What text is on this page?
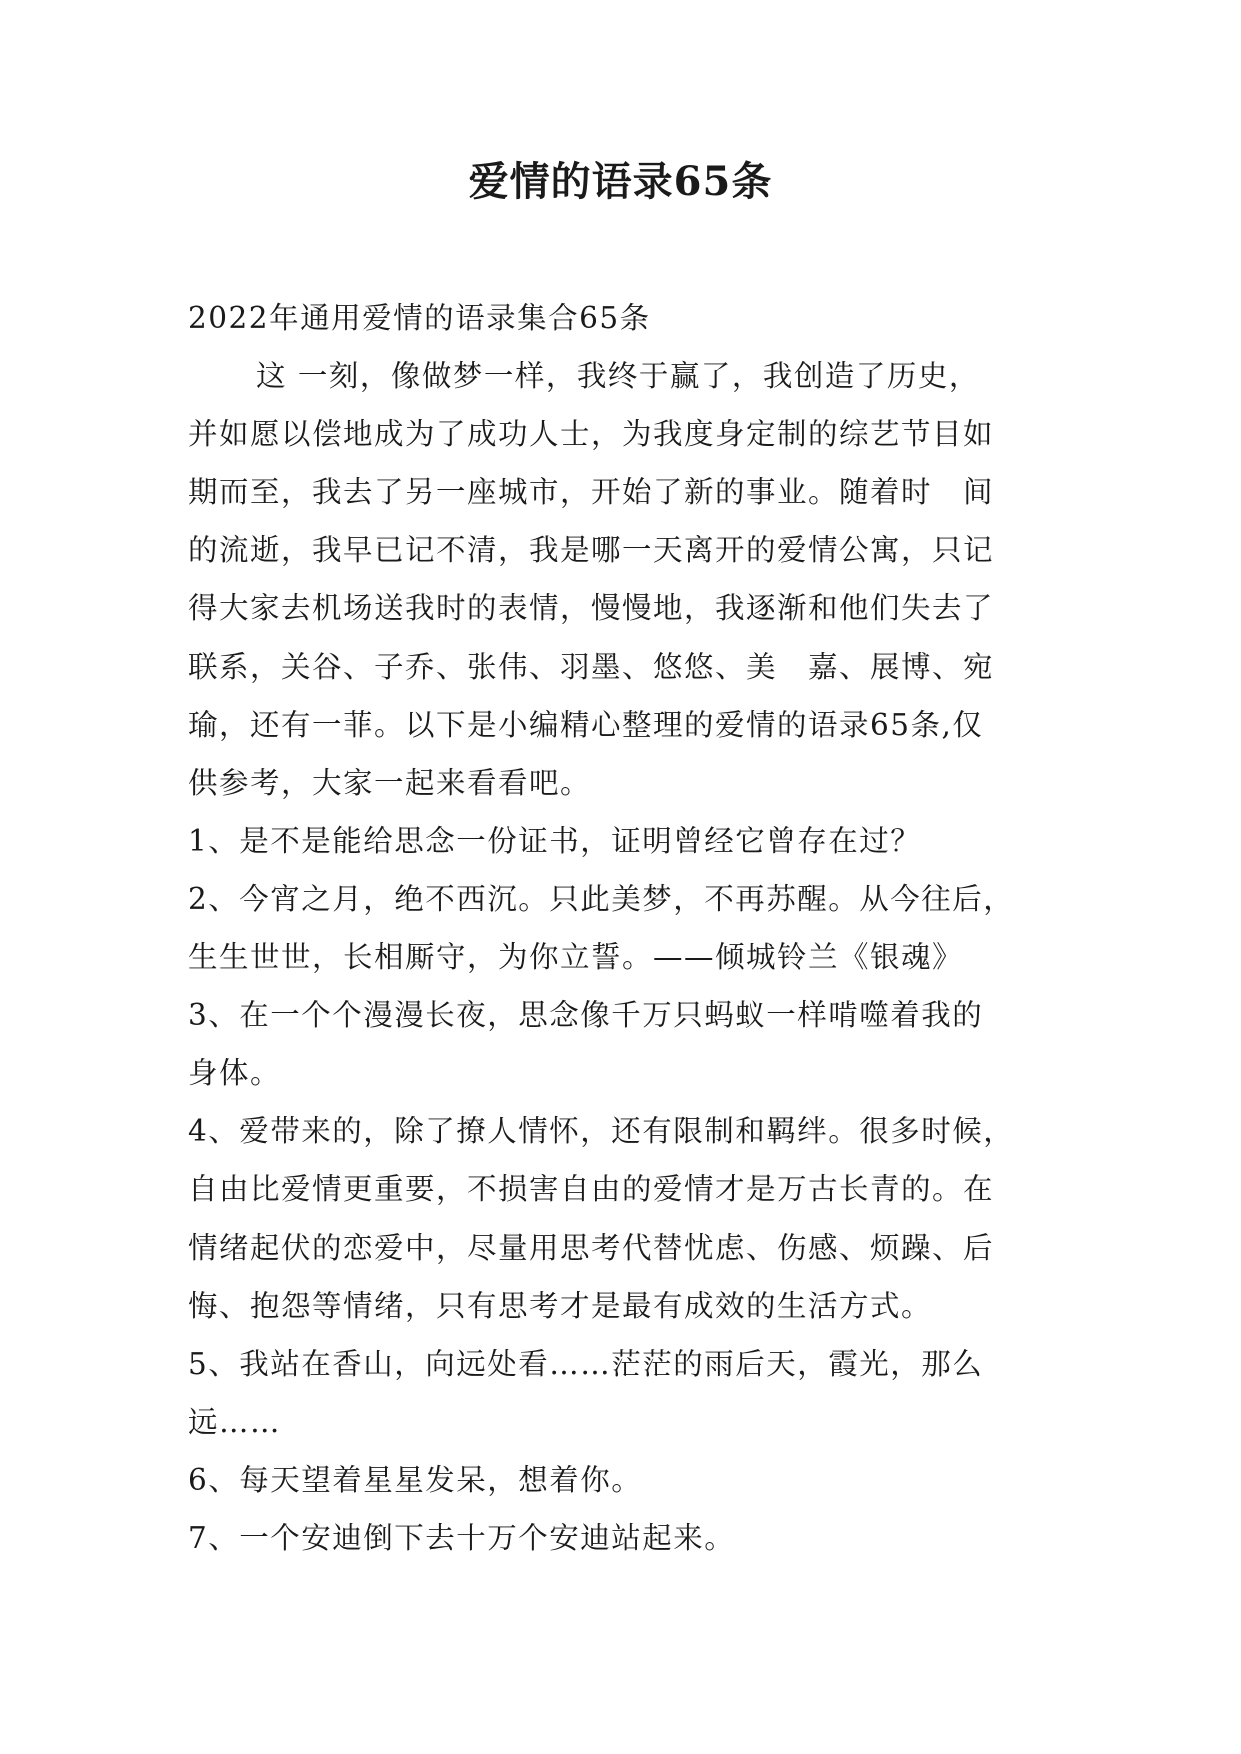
爱情的语录65条
2022年通用爱情的语录集合65条
这 一刻，像做梦一样，我终于赢了，我创造了历史，
并如愿以偿地成为了成功人士，为我度身定制的综艺节目如
期而至，我去了另一座城市，开始了新的事业。随着时　间
的流逝，我早已记不清，我是哪一天离开的爱情公寓，只记
得大家去机场送我时的表情，慢慢地，我逐渐和他们失去了
联系，关谷、子乔、张伟、羽墨、悠悠、美　嘉、展博、宛
瑜，还有一菲。以下是小编精心整理的爱情的语录65条,仅
供参考，大家一起来看看吧。
1、是不是能给思念一份证书，证明曾经它曾存在过？
2、今宵之月，绝不西沉。只此美梦，不再苏醒。从今往后，
生生世世，长相厮守，为你立誓。——倾城铃兰《银魂》
3、在一个个漫漫长夜，思念像千万只蚂蚁一样啃噬着我的
身体。
4、爱带来的，除了撩人情怀，还有限制和羁绊。很多时候，
自由比爱情更重要，不损害自由的爱情才是万古长青的。在
情绪起伏的恋爱中，尽量用思考代替忧虑、伤感、烦躁、后
悔、抱怨等情绪，只有思考才是最有成效的生活方式。
5、我站在香山，向远处看……茫茫的雨后天，霞光，那么
远……
6、每天望着星星发呆，想着你。
7、一个安迪倒下去十万个安迪站起来。
